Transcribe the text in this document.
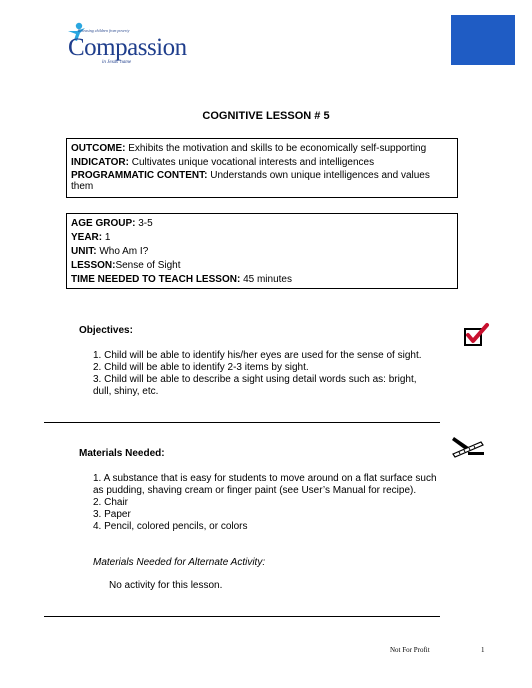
Releasing children from poverty
Compassion
in Jesus' name
COGNITIVE LESSON # 5
OUTCOME: Exhibits the motivation and skills to be economically self-supporting
INDICATOR: Cultivates unique vocational interests and intelligences
PROGRAMMATIC CONTENT: Understands own unique intelligences and values them
AGE GROUP: 3-5
YEAR: 1
UNIT: Who Am I?
LESSON:Sense of Sight
TIME NEEDED TO TEACH LESSON: 45 minutes
Objectives:
1. Child will be able to identify his/her eyes are used for the sense of sight.
2. Child will be able to identify 2-3 items by sight.
3. Child will be able to describe a sight using detail words such as: bright, dull, shiny, etc.
Materials Needed:
1. A substance that is easy for students to move around on a flat surface such as pudding, shaving cream or finger paint (see User’s Manual for recipe).
2. Chair
3. Paper
4. Pencil, colored pencils, or colors
Materials Needed for Alternate Activity:
No activity for this lesson.
Not For Profit	1
